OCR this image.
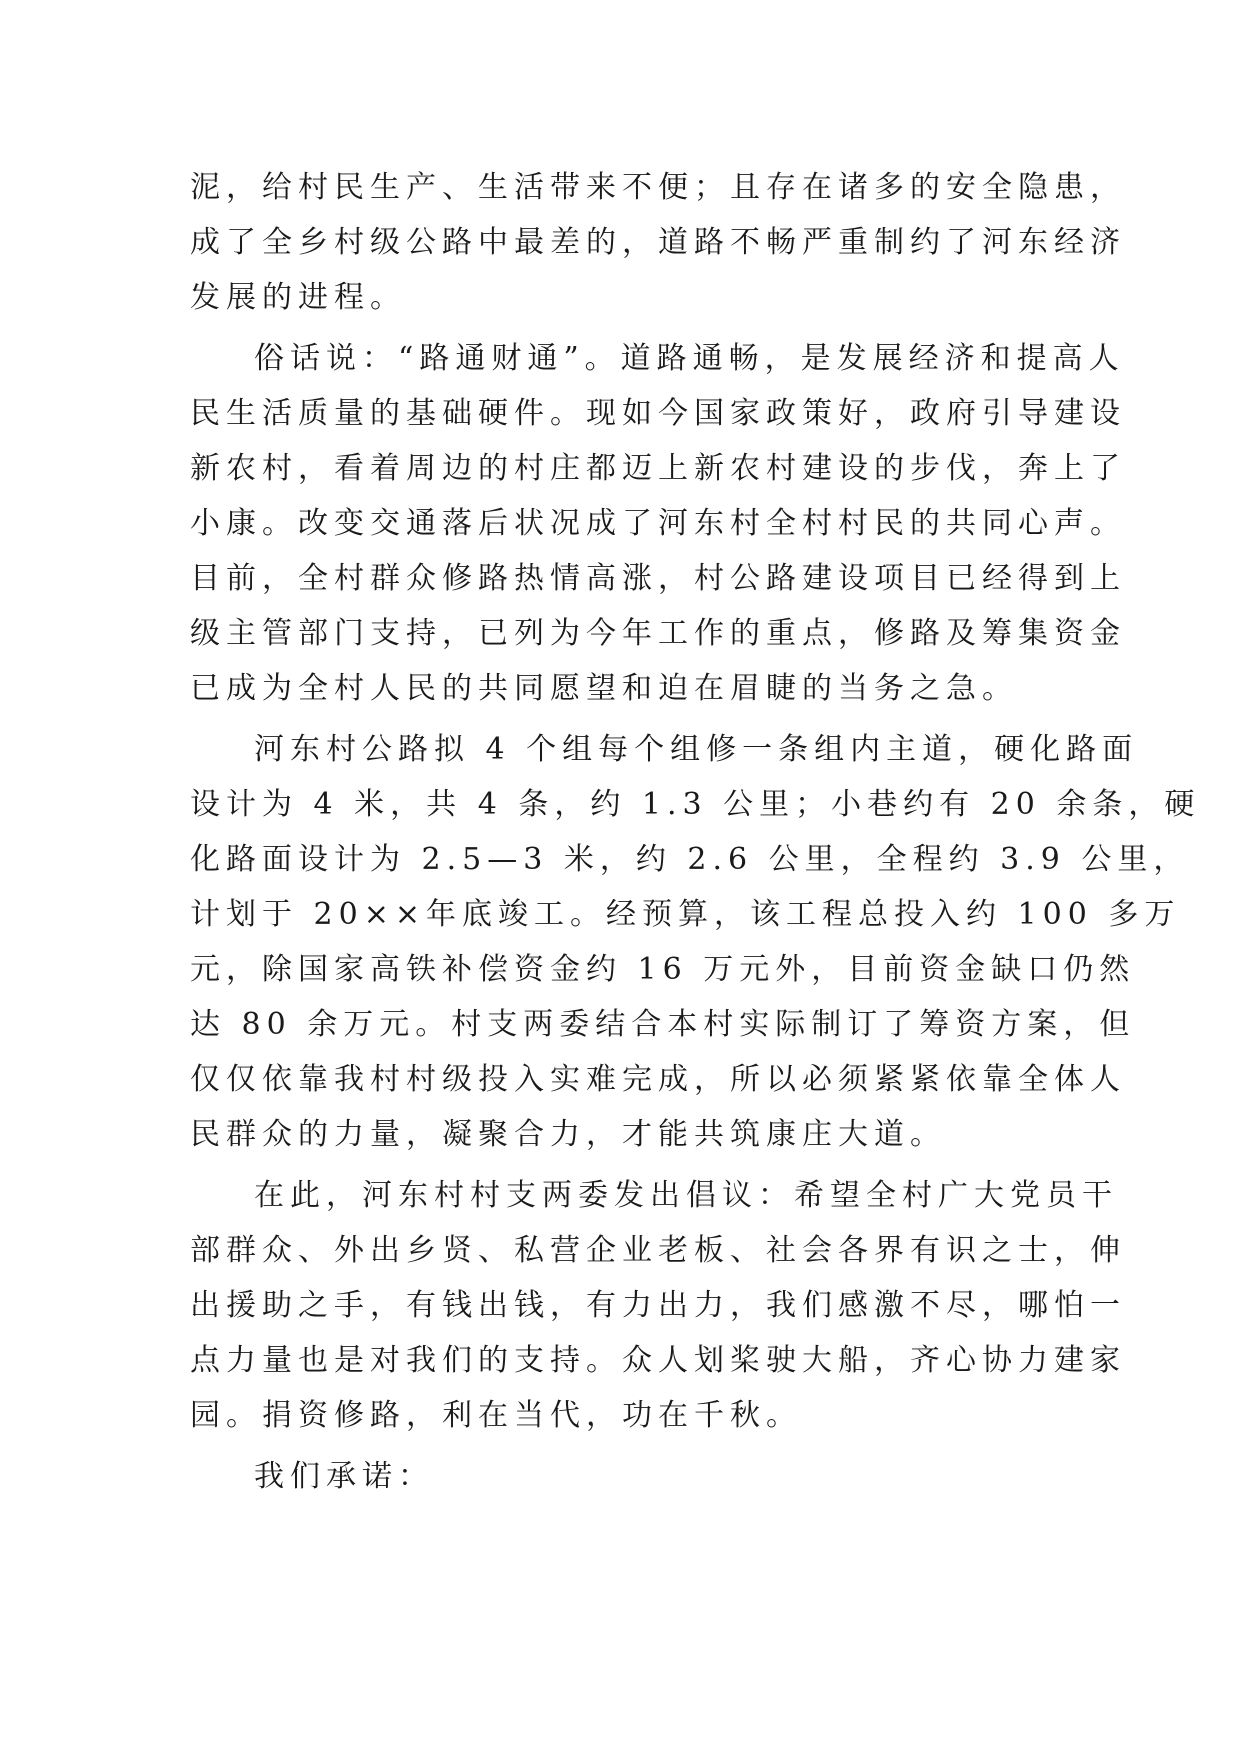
泥，给村民生产、生活带来不便；且存在诸多的安全隐患，
成了全乡村级公路中最差的，道路不畅严重制约了河东经济
发展的进程。
俗话说：“路通财通”。道路通畅，是发展经济和提高人
民生活质量的基础硬件。现如今国家政策好，政府引导建设
新农村，看着周边的村庄都迈上新农村建设的步伐，奔上了
小康。改变交通落后状况成了河东村全村村民的共同心声。
目前，全村群众修路热情高涨，村公路建设项目已经得到上
级主管部门支持，已列为今年工作的重点，修路及筹集资金
已成为全村人民的共同愿望和迫在眉睫的当务之急。
河东村公路拟 4 个组每个组修一条组内主道，硬化路面
设计为 4 米，共 4 条，约 1.3 公里；小巷约有 20 余条，硬
化路面设计为 2.5—3 米，约 2.6 公里，全程约 3.9 公里，
计划于 20××年底竣工。经预算，该工程总投入约 100 多万
元，除国家高铁补偿资金约 16 万元外，目前资金缺口仍然
达 80 余万元。村支两委结合本村实际制订了筹资方案，但
仅仅依靠我村村级投入实难完成，所以必须紧紧依靠全体人
民群众的力量，凝聚合力，才能共筑康庄大道。
在此，河东村村支两委发出倡议：希望全村广大党员干
部群众、外出乡贤、私营企业老板、社会各界有识之士，伸
出援助之手，有钱出钱，有力出力，我们感激不尽，哪怕一
点力量也是对我们的支持。众人划桨驶大船，齐心协力建家
园。捐资修路，利在当代，功在千秋。
我们承诺：
